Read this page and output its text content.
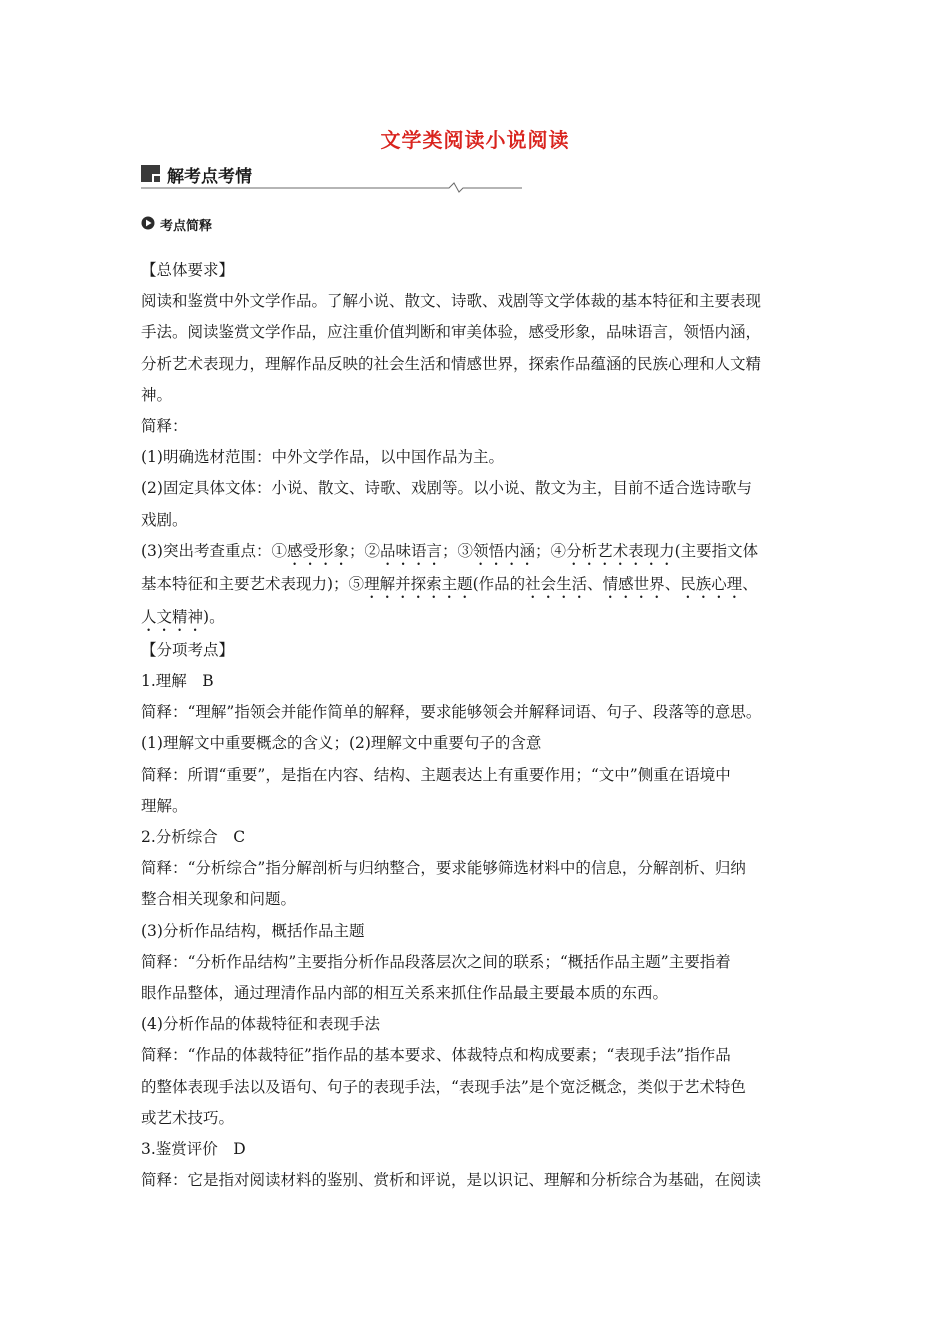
文学类阅读小说阅读
解考点考情
考点简释

【总体要求】

阅读和鉴赏中外文学作品。了解小说、散文、诗歌、戏剧等文学体裁的基本特征和主要表现

手法。阅读鉴赏文学作品，应注重价值判断和审美体验，感受形象，品味语言，领悟内涵，

分析艺术表现力，理解作品反映的社会生活和情感世界，探索作品蕴涵的民族心理和人文精

神。

简释：

(1)明确选材范围：中外文学作品，以中国作品为主。

(2)固定具体文体：小说、散文、诗歌、戏剧等。以小说、散文为主，目前不适合选诗歌与

戏剧。

(3)突出考查重点：①感受形象；②品味语言；③领悟内涵；④分析艺术表现力(主要指文体

基本特征和主要艺术表现力)；⑤理解并探索主题(作品的社会生活、情感世界、民族心理、

人文精神)。

【分项考点】

1.理解　B

简释：“理解”指领会并能作简单的解释，要求能够领会并解释词语、句子、段落等的意思。

(1)理解文中重要概念的含义；(2)理解文中重要句子的含意

简释：所谓“重要”，是指在内容、结构、主题表达上有重要作用；“文中”侧重在语境中

理解。

2.分析综合　C

简释：“分析综合”指分解剖析与归纳整合，要求能够筛选材料中的信息，分解剖析、归纳

整合相关现象和问题。

(3)分析作品结构，概括作品主题

简释：“分析作品结构”主要指分析作品段落层次之间的联系；“概括作品主题”主要指着

眼作品整体，通过理清作品内部的相互关系来抓住作品最主要最本质的东西。

(4)分析作品的体裁特征和表现手法

简释：“作品的体裁特征”指作品的基本要求、体裁特点和构成要素；“表现手法”指作品

的整体表现手法以及语句、句子的表现手法，“表现手法”是个宽泛概念，类似于艺术特色

或艺术技巧。

3.鉴赏评价　D

简释：它是指对阅读材料的鉴别、赏析和评说，是以识记、理解和分析综合为基础，在阅读
